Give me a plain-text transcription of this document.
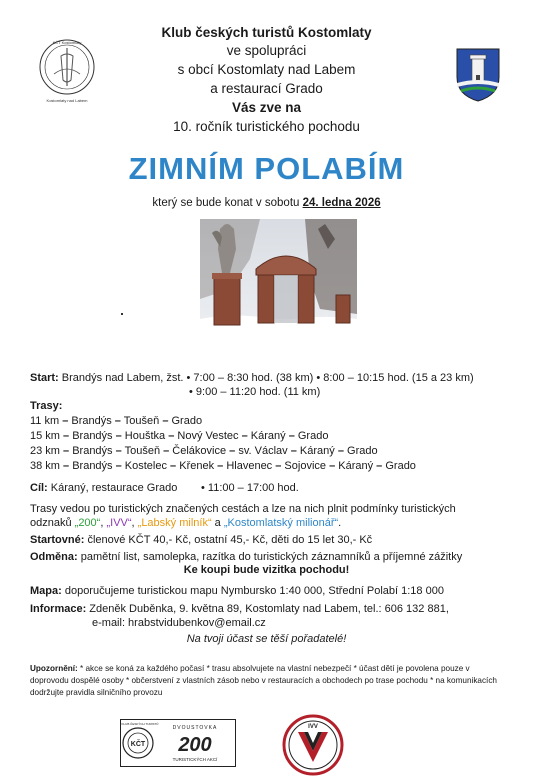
KČT Kostomlaty
Kostomlaty nad Labem
Klub českých turistů Kostomlaty
ve spolupráci
s obcí Kostomlaty nad Labem
a restaurací Grado
Vás zve na
10. ročník turistického pochodu
ZIMNÍM POLABÍM
který se bude konat v sobotu 24. ledna 2026
Start: Brandýs nad Labem, žst. • 7:00 – 8:30 hod. (38 km) • 8:00 – 10:15 hod. (15 a 23 km)
• 9:00 – 11:20 hod. (11 km)
Trasy:
11 km – Brandýs – Toušeň – Grado
15 km – Brandýs – Houštka – Nový Vestec – Káraný – Grado
23 km – Brandýs – Toušeň – Čelákovice – sv. Václav – Káraný – Grado
38 km – Brandýs – Kostelec – Křenek – Hlavenec – Sojovice – Káraný – Grado
Cíl: Káraný, restaurace Grado • 11:00 – 17:00 hod.
Trasy vedou po turistických značených cestách a lze na nich plnit podmínky turistických
odznaků „200“, „IVV“, „Labský milník“ a „Kostomlatský milionář“.
Startovné: členové KČT 40,- Kč, ostatní 45,- Kč, děti do 15 let 30,- Kč
Odměna: pamětní list, samolepka, razítka do turistických záznamníků a příjemné zážitky
Ke koupi bude vizitka pochodu!
Mapa: doporučujeme turistickou mapu Nymbursko 1:40 000, Střední Polabí 1:18 000
Informace: Zdeněk Duběnka, 9. května 89, Kostomlaty nad Labem, tel.: 606 132 881,
e-mail: hrabstvidubenkov@email.cz
Na tvoji účast se těší pořadatelé!
Upozornění: * akce se koná za každého počasí * trasu absolvujete na vlastní nebezpečí * účast dětí je povolena pouze v doprovodu dospělé osoby * občerstvení z vlastních zásob nebo v restauracích a obchodech po trase pochodu * na komunikacích dodržujte pravidla silničního provozu
KČT
KLUB ČESKÝCH TURISTŮ
DVOUSTOVKA
200
TURISTICKÝCH AKCÍ
IVV
